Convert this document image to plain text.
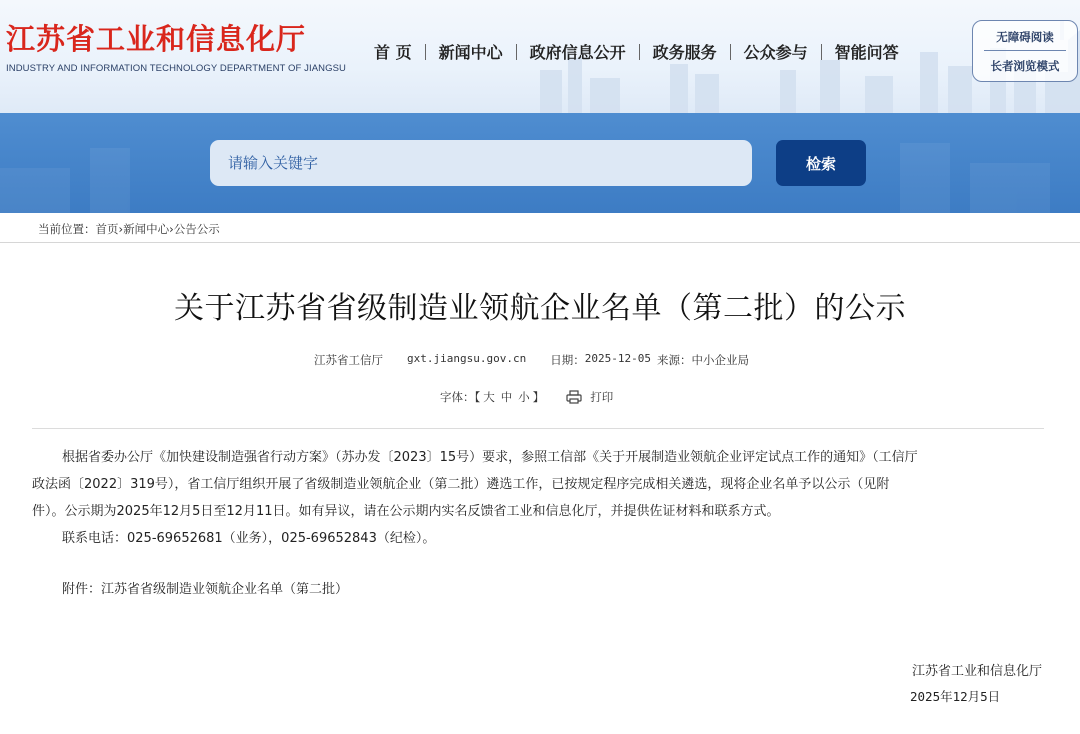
江苏省工业和信息化厅
INDUSTRY AND INFORMATION TECHNOLOGY DEPARTMENT OF JIANGSU
首 页 新闻中心 政府信息公开 政务服务 公众参与 智能问答
无障碍阅读
长者浏览模式
请输入关键字
检索
当前位置：首页›新闻中心›公告公示
关于江苏省省级制造业领航企业名单（第二批）的公示
江苏省工信厅 gxt.jiangsu.gov.cn 日期： 2025-12-05 来源： 中小企业局
字体：【 大 中 小 】	打印
根据省委办公厅《加快建设制造强省行动方案》（苏办发〔2023〕15号）要求，参照工信部《关于开展制造业领航企业评定试点工作的通知》（工信厅
政法函〔2022〕319号），省工信厅组织开展了省级制造业领航企业（第二批）遴选工作，已按规定程序完成相关遴选，现将企业名单予以公示（见附
件）。公示期为2025年12月5日至12月11日。如有异议，请在公示期内实名反馈省工业和信息化厅，并提供佐证材料和联系方式。
联系电话：025-69652681（业务），025-69652843（纪检）。
附件：江苏省省级制造业领航企业名单（第二批）
江苏省工业和信息化厅
2025年12月5日
